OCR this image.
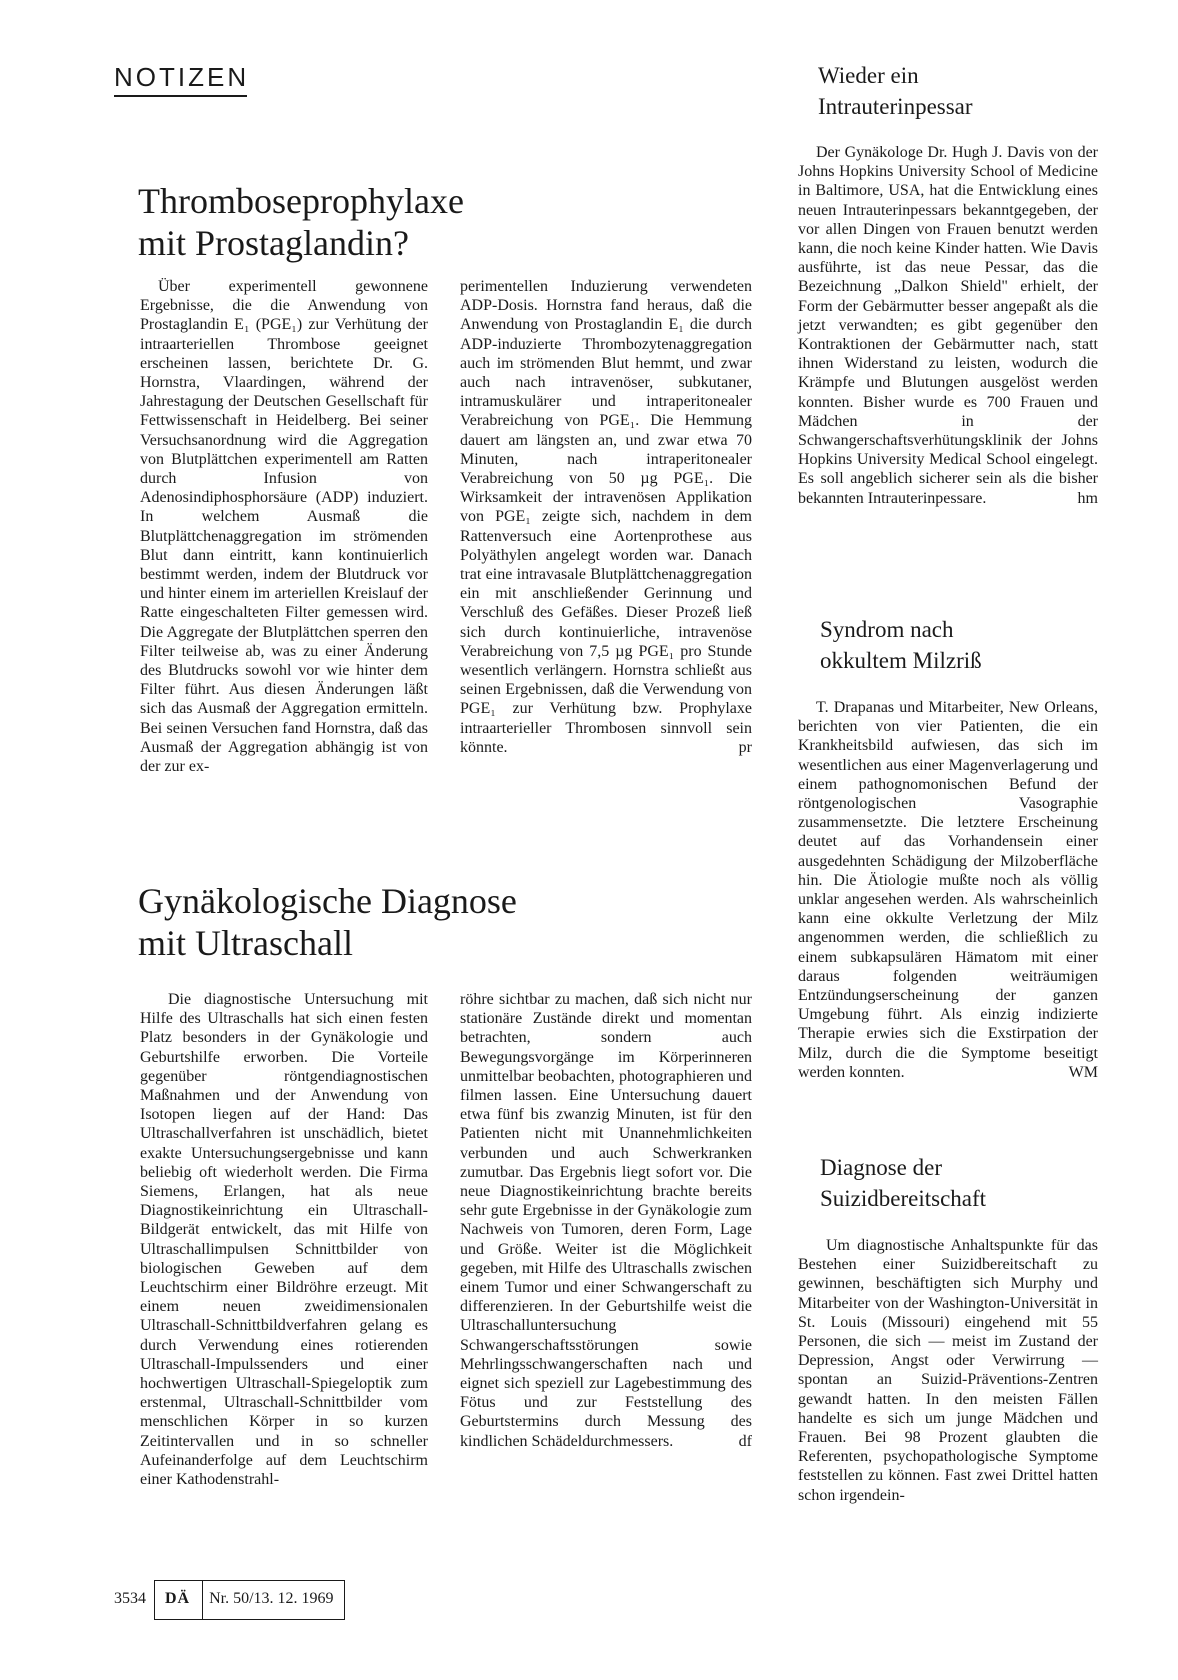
NOTIZEN
Thromboseprophylaxe
mit Prostaglandin?

Über experimentell gewonnene Ergebnisse, die die Anwendung von Prostaglandin E₁ (PGE₁) zur Verhütung der intraarteriellen Thrombose geeignet erscheinen lassen, berichtete Dr. G. Hornstra, Vlaardingen, während der Jahrestagung der Deutschen Gesellschaft für Fettwissenschaft in Heidelberg. Bei seiner Versuchsanordnung wird die Aggregation von Blutplättchen experimentell am Ratten durch Infusion von Adenosindiphosphorsäure (ADP) induziert. In welchem Ausmaß die Blutplättchenaggregation im strömenden Blut dann eintritt, kann kontinuierlich bestimmt werden, indem der Blutdruck vor und hinter einem im arteriellen Kreislauf der Ratte eingeschalteten Filter gemessen wird. Die Aggregate der Blutplättchen sperren den Filter teilweise ab, was zu einer Änderung des Blutdrucks sowohl vor wie hinter dem Filter führt. Aus diesen Änderungen läßt sich das Ausmaß der Aggregation ermitteln. Bei seinen Versuchen fand Hornstra, daß das Ausmaß der Aggregation abhängig ist von der zur ex-

perimentellen Induzierung verwendeten ADP-Dosis. Hornstra fand heraus, daß die Anwendung von Prostaglandin E₁ die durch ADP-induzierte Thrombozytenaggregation auch im strömenden Blut hemmt, und zwar auch nach intravenöser, subkutaner, intramuskulärer und intraperitonealer Verabreichung von PGE₁. Die Hemmung dauert am längsten an, und zwar etwa 70 Minuten, nach intraperitonealer Verabreichung von 50 µg PGE₁. Die Wirksamkeit der intravenösen Applikation von PGE₁ zeigte sich, nachdem in dem Rattenversuch eine Aortenprothese aus Polyäthylen angelegt worden war. Danach trat eine intravasale Blutplättchenaggregation ein mit anschließender Gerinnung und Verschluß des Gefäßes. Dieser Prozeß ließ sich durch kontinuierliche, intravenöse Verabreichung von 7,5 µg PGE₁ pro Stunde wesentlich verlängern. Hornstra schließt aus seinen Ergebnissen, daß die Verwendung von PGE₁ zur Verhütung bzw. Prophylaxe intraarterieller Thrombosen sinnvoll sein könnte.	pr

Gynäkologische Diagnose
mit Ultraschall

Die diagnostische Untersuchung mit Hilfe des Ultraschalls hat sich einen festen Platz besonders in der Gynäkologie und Geburtshilfe erworben. Die Vorteile gegenüber röntgendiagnostischen Maßnahmen und der Anwendung von Isotopen liegen auf der Hand: Das Ultraschallverfahren ist unschädlich, bietet exakte Untersuchungsergebnisse und kann beliebig oft wiederholt werden. Die Firma Siemens, Erlangen, hat als neue Diagnostikeinrichtung ein Ultraschall-Bildgerät entwickelt, das mit Hilfe von Ultraschallimpulsen Schnittbilder von biologischen Geweben auf dem Leuchtschirm einer Bildröhre erzeugt. Mit einem neuen zweidimensionalen Ultraschall-Schnittbildverfahren gelang es durch Verwendung eines rotierenden Ultraschall-Impulssenders und einer hochwertigen Ultraschall-Spiegeloptik zum erstenmal, Ultraschall-Schnittbilder vom menschlichen Körper in so kurzen Zeitintervallen und in so schneller Aufeinanderfolge auf dem Leuchtschirm einer Kathodenstrahl-

röhre sichtbar zu machen, daß sich nicht nur stationäre Zustände direkt und momentan betrachten, sondern auch Bewegungsvorgänge im Körperinneren unmittelbar beobachten, photographieren und filmen lassen. Eine Untersuchung dauert etwa fünf bis zwanzig Minuten, ist für den Patienten nicht mit Unannehmlichkeiten verbunden und auch Schwerkranken zumutbar. Das Ergebnis liegt sofort vor. Die neue Diagnostikeinrichtung brachte bereits sehr gute Ergebnisse in der Gynäkologie zum Nachweis von Tumoren, deren Form, Lage und Größe. Weiter ist die Möglichkeit gegeben, mit Hilfe des Ultraschalls zwischen einem Tumor und einer Schwangerschaft zu differenzieren. In der Geburtshilfe weist die Ultraschalluntersuchung Schwangerschaftsstörungen sowie Mehrlingsschwangerschaften nach und eignet sich speziell zur Lagebestimmung des Fötus und zur Feststellung des Geburtstermins durch Messung des kindlichen Schädeldurchmessers.	df

Wieder ein
Intrauterinpessar

Der Gynäkologe Dr. Hugh J. Davis von der Johns Hopkins University School of Medicine in Baltimore, USA, hat die Entwicklung eines neuen Intrauterinpessars bekanntgegeben, der vor allen Dingen von Frauen benutzt werden kann, die noch keine Kinder hatten. Wie Davis ausführte, ist das neue Pessar, das die Bezeichnung „Dalkon Shield" erhielt, der Form der Gebärmutter besser angepaßt als die jetzt verwandten; es gibt gegenüber den Kontraktionen der Gebärmutter nach, statt ihnen Widerstand zu leisten, wodurch die Krämpfe und Blutungen ausgelöst werden konnten. Bisher wurde es 700 Frauen und Mädchen in der Schwangerschaftsverhütungsklinik der Johns Hopkins University Medical School eingelegt. Es soll angeblich sicherer sein als die bisher bekannten Intrauterinpessare.	hm

Syndrom nach
okkultem Milzriß

T. Drapanas und Mitarbeiter, New Orleans, berichten von vier Patienten, die ein Krankheitsbild aufwiesen, das sich im wesentlichen aus einer Magenverlagerung und einem pathognomonischen Befund der röntgenologischen Vasographie zusammensetzte. Die letztere Erscheinung deutet auf das Vorhandensein einer ausgedehnten Schädigung der Milzoberfläche hin. Die Ätiologie mußte noch als völlig unklar angesehen werden. Als wahrscheinlich kann eine okkulte Verletzung der Milz angenommen werden, die schließlich zu einem subkapsulären Hämatom mit einer daraus folgenden weiträumigen Entzündungserscheinung der ganzen Umgebung führt. Als einzig indizierte Therapie erwies sich die Exstirpation der Milz, durch die die Symptome beseitigt werden konnten.	WM

Diagnose der
Suizidbereitschaft

Um diagnostische Anhaltspunkte für das Bestehen einer Suizidbereitschaft zu gewinnen, beschäftigten sich Murphy und Mitarbeiter von der Washington-Universität in St. Louis (Missouri) eingehend mit 55 Personen, die sich — meist im Zustand der Depression, Angst oder Verwirrung — spontan an Suizid-Präventions-Zentren gewandt hatten. In den meisten Fällen handelte es sich um junge Mädchen und Frauen. Bei 98 Prozent glaubten die Referenten, psychopathologische Symptome feststellen zu können. Fast zwei Drittel hatten schon irgendein-

3534	DÄ	Nr. 50/13. 12. 1969
